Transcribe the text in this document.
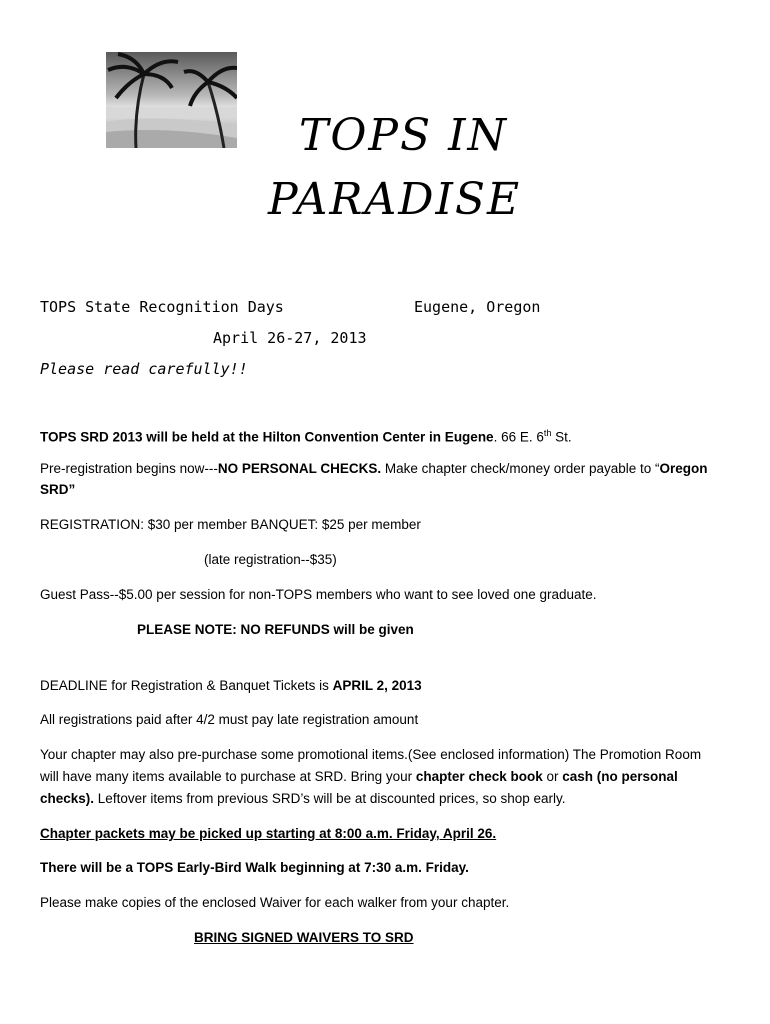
TOPS IN
PARADISE
TOPS State Recognition Days	Eugene, Oregon
April 26-27, 2013
Please read carefully!!
TOPS SRD 2013 will be held at the Hilton Convention Center in Eugene. 66 E. 6th St.
Pre-registration begins now---NO PERSONAL CHECKS. Make chapter check/money order payable to “Oregon
SRD”
REGISTRATION: $30 per member BANQUET: $25 per member
(late registration--$35)
Guest Pass--$5.00 per session for non-TOPS members who want to see loved one graduate.
PLEASE NOTE: NO REFUNDS will be given
DEADLINE for Registration & Banquet Tickets is APRIL 2, 2013
All registrations paid after 4/2 must pay late registration amount
Your chapter may also pre-purchase some promotional items.(See enclosed information) The Promotion Room
will have many items available to purchase at SRD. Bring your chapter check book or cash (no personal
checks). Leftover items from previous SRD’s will be at discounted prices, so shop early.
Chapter packets may be picked up starting at 8:00 a.m. Friday, April 26.
There will be a TOPS Early-Bird Walk beginning at 7:30 a.m. Friday.
Please make copies of the enclosed Waiver for each walker from your chapter.
BRING SIGNED WAIVERS TO SRD
